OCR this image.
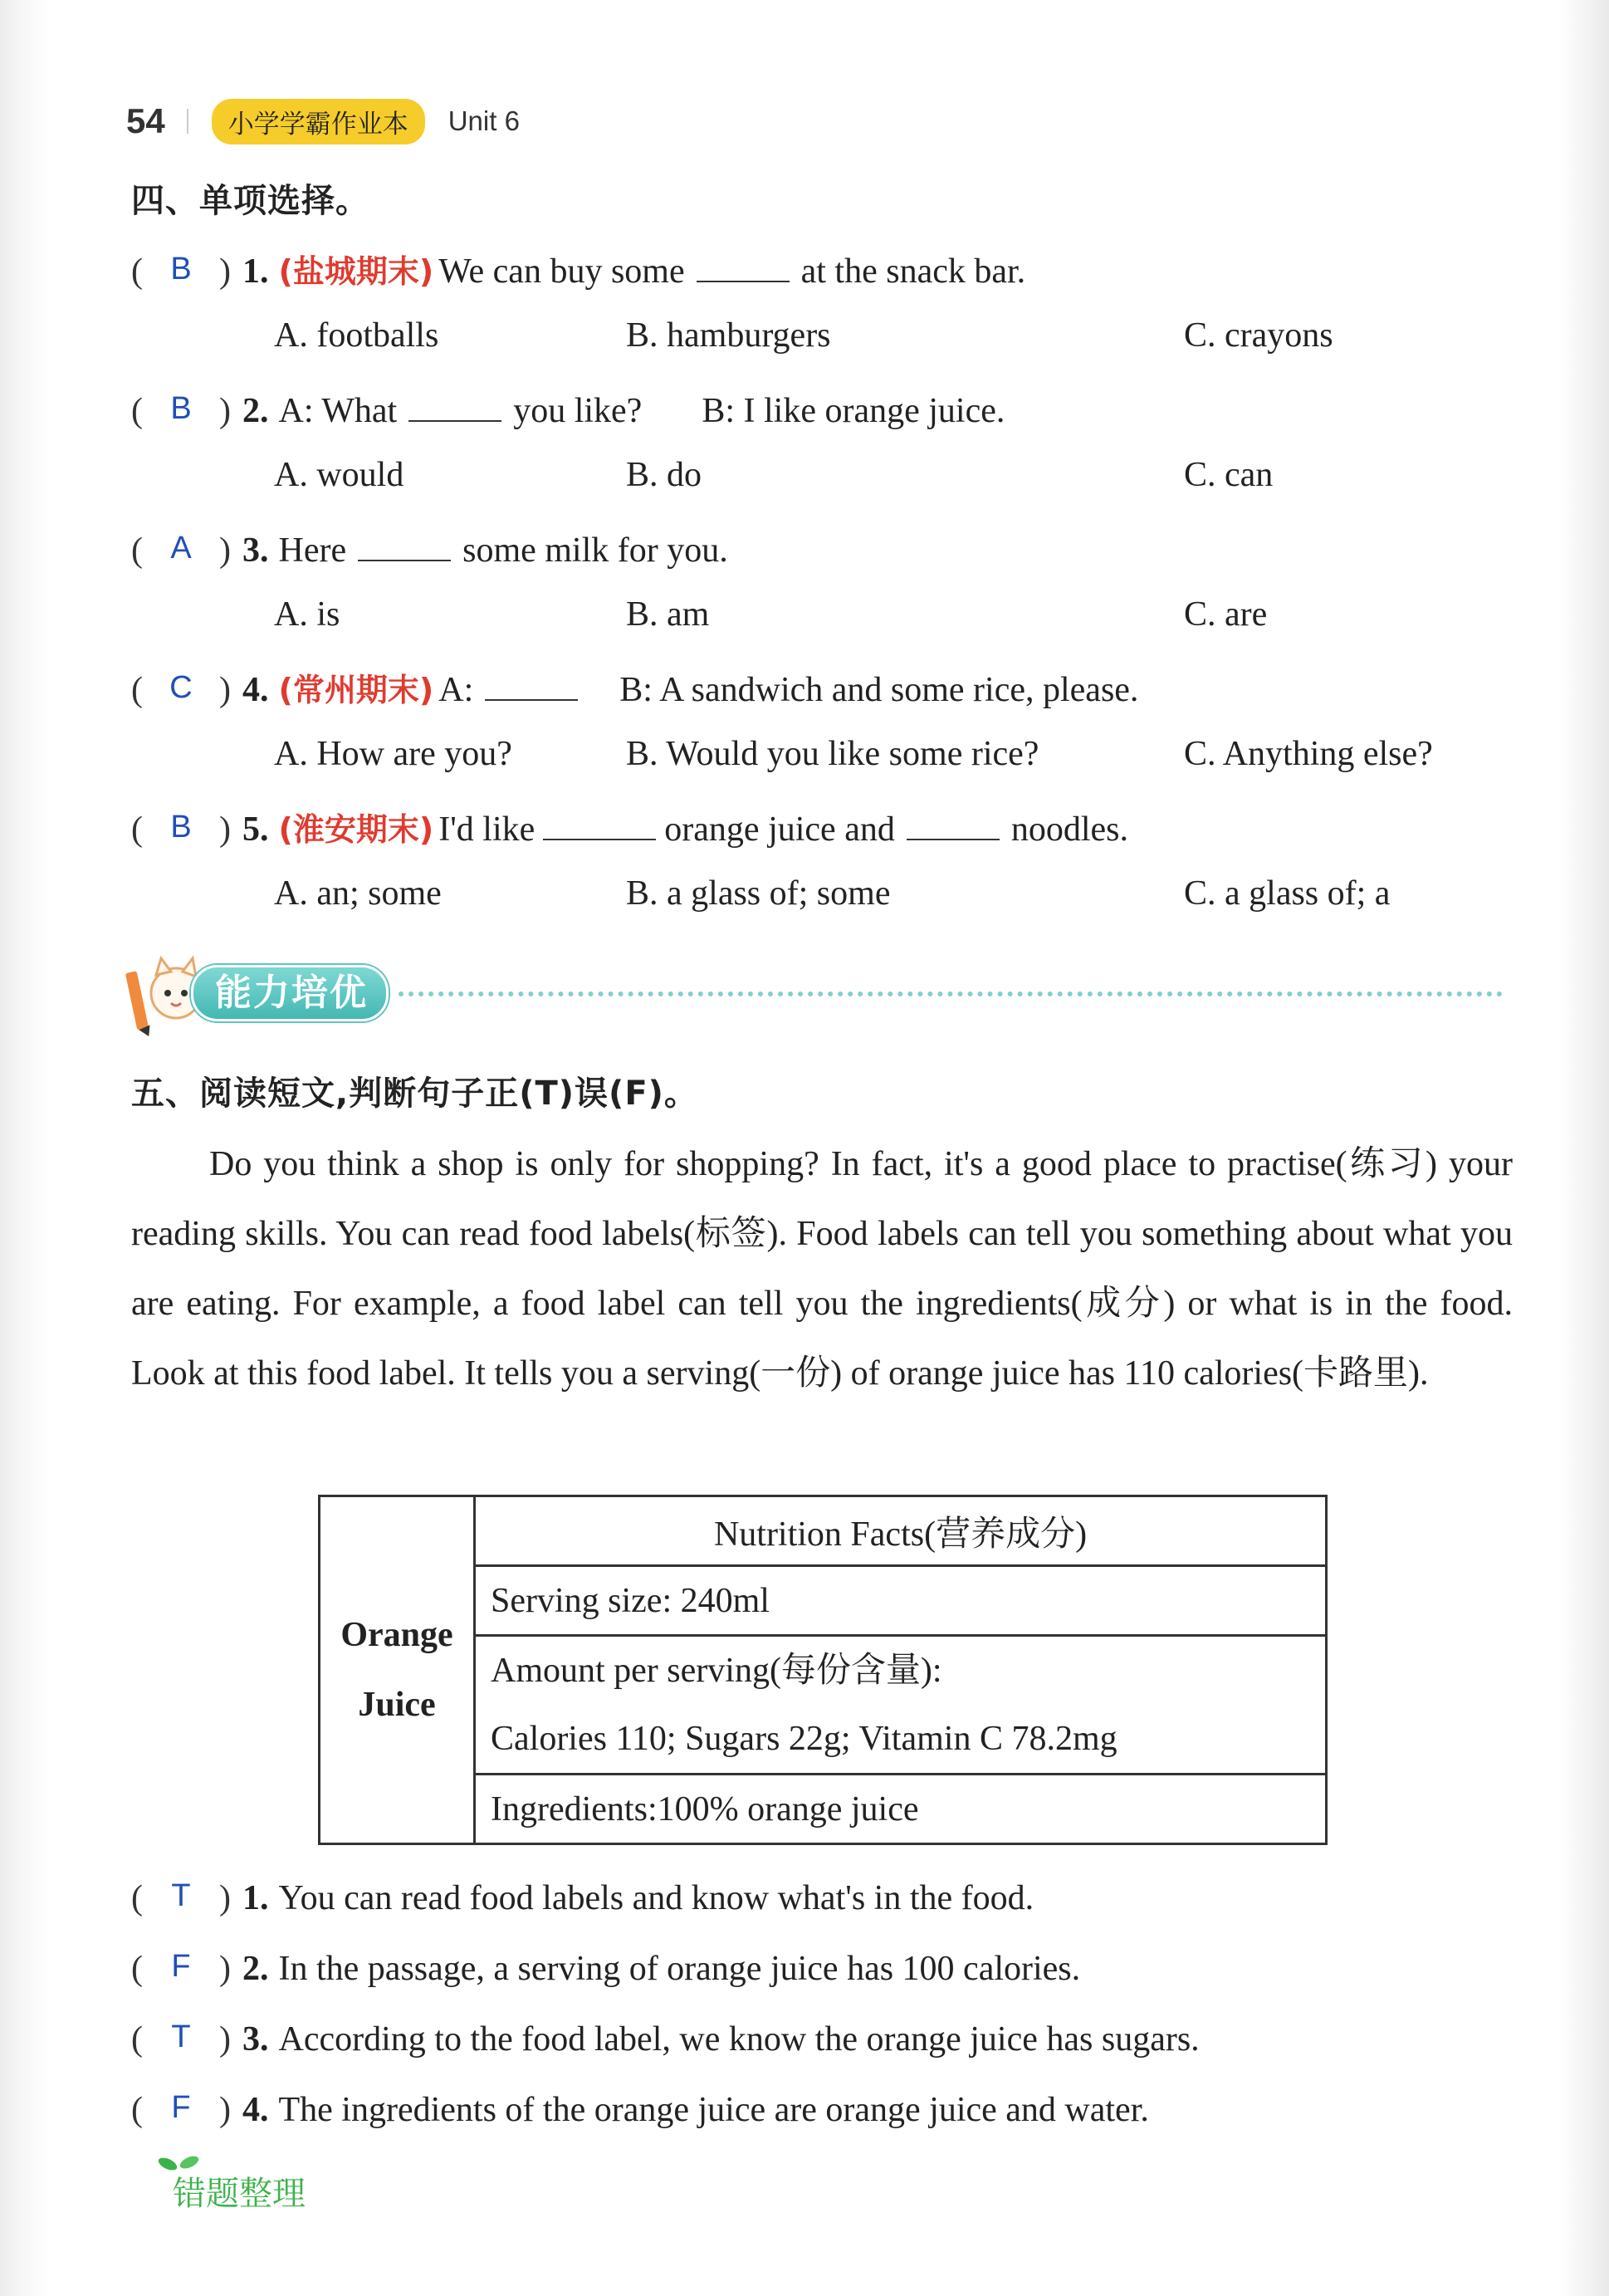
54	小学学霸作业本	Unit 6
四、单项选择。
( B ) 1. (盐城期末) We can buy some	at the snack bar.
A. footballs	B. hamburgers	C. crayons
( B ) 2. A: What	you like? B: I like orange juice.
A. would	B. do	C. can
( A ) 3. Here	some milk for you.
A. is	B. am	C. are
( C ) 4. (常州期末) A:	B: A sandwich and some rice, please.
A. How are you?	B. Would you like some rice?	C. Anything else?
( B ) 5. (淮安期末) I'd like	orange juice and	noodles.
A. an; some	B. a glass of; some	C. a glass of; a
能力培优
五、阅读短文,判断句子正(T)误(F)。

Do you think a shop is only for shopping? In fact, it's a good place to practise(练习) your reading skills. You can read food labels(标签). Food labels can tell you something about what you are eating. For example, a food label can tell you the ingredients(成分) or what is in the food. Look at this food label. It tells you a serving(一份) of orange juice has 110 calories(卡路里).

Orange
Juice
	Nutrition Facts(营养成分)
Serving size: 240ml

Amount per serving(每份含量):
Calories 110; Sugars 22g; Vitamin C 78.2mg

Ingredients:100% orange juice
( T ) 1. You can read food labels and know what's in the food.
( F ) 2. In the passage, a serving of orange juice has 100 calories.
( T ) 3. According to the food label, we know the orange juice has sugars.
( F ) 4. The ingredients of the orange juice are orange juice and water.
错题整理
